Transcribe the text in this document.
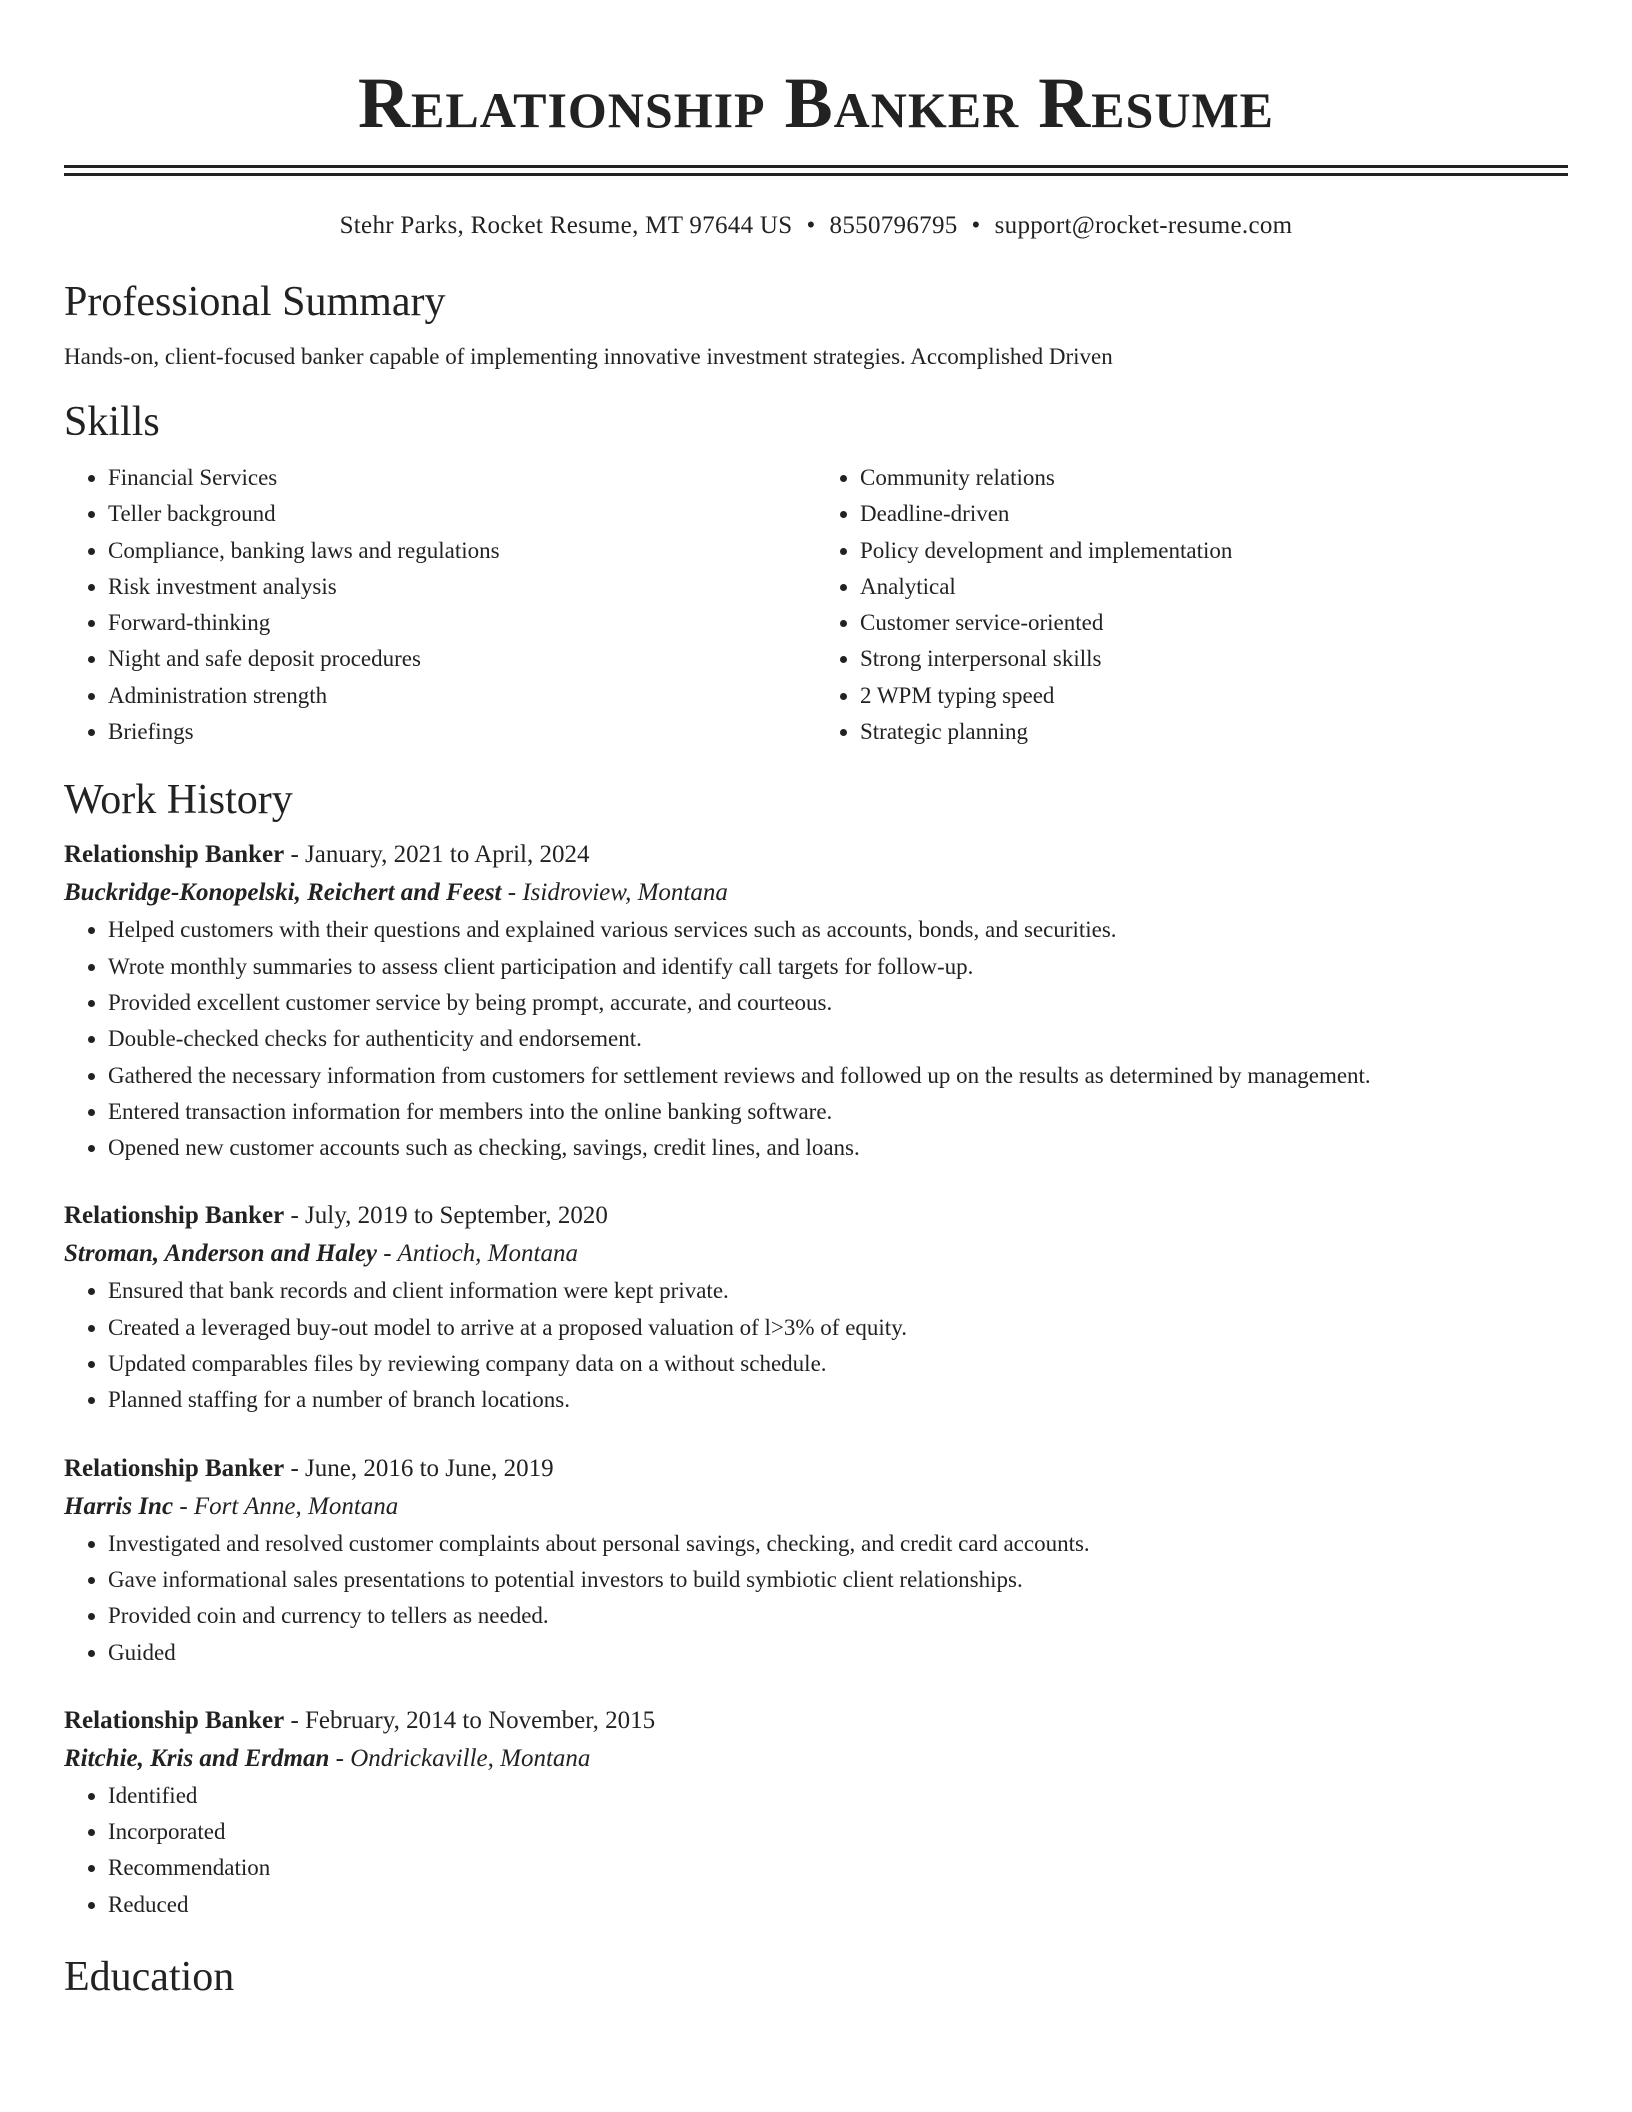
Relationship Banker Resume
Stehr Parks, Rocket Resume, MT 97644 US • 8550796795 • support@rocket-resume.com
Professional Summary
Hands-on, client-focused banker capable of implementing innovative investment strategies. Accomplished Driven
Skills
• Financial Services
• Teller background
• Compliance, banking laws and regulations
• Risk investment analysis
• Forward-thinking
• Night and safe deposit procedures
• Administration strength
• Briefings
• Community relations
• Deadline-driven
• Policy development and implementation
• Analytical
• Customer service-oriented
• Strong interpersonal skills
• 2 WPM typing speed
• Strategic planning
Work History
Relationship Banker - January, 2021 to April, 2024
Buckridge-Konopelski, Reichert and Feest - Isidroview, Montana
• Helped customers with their questions and explained various services such as accounts, bonds, and securities.
• Wrote monthly summaries to assess client participation and identify call targets for follow-up.
• Provided excellent customer service by being prompt, accurate, and courteous.
• Double-checked checks for authenticity and endorsement.
• Gathered the necessary information from customers for settlement reviews and followed up on the results as determined by management.
• Entered transaction information for members into the online banking software.
• Opened new customer accounts such as checking, savings, credit lines, and loans.
Relationship Banker - July, 2019 to September, 2020
Stroman, Anderson and Haley - Antioch, Montana
• Ensured that bank records and client information were kept private.
• Created a leveraged buy-out model to arrive at a proposed valuation of l>3% of equity.
• Updated comparables files by reviewing company data on a without schedule.
• Planned staffing for a number of branch locations.
Relationship Banker - June, 2016 to June, 2019
Harris Inc - Fort Anne, Montana
• Investigated and resolved customer complaints about personal savings, checking, and credit card accounts.
• Gave informational sales presentations to potential investors to build symbiotic client relationships.
• Provided coin and currency to tellers as needed.
• Guided
Relationship Banker - February, 2014 to November, 2015
Ritchie, Kris and Erdman - Ondrickaville, Montana
• Identified
• Incorporated
• Recommendation
• Reduced
Education
